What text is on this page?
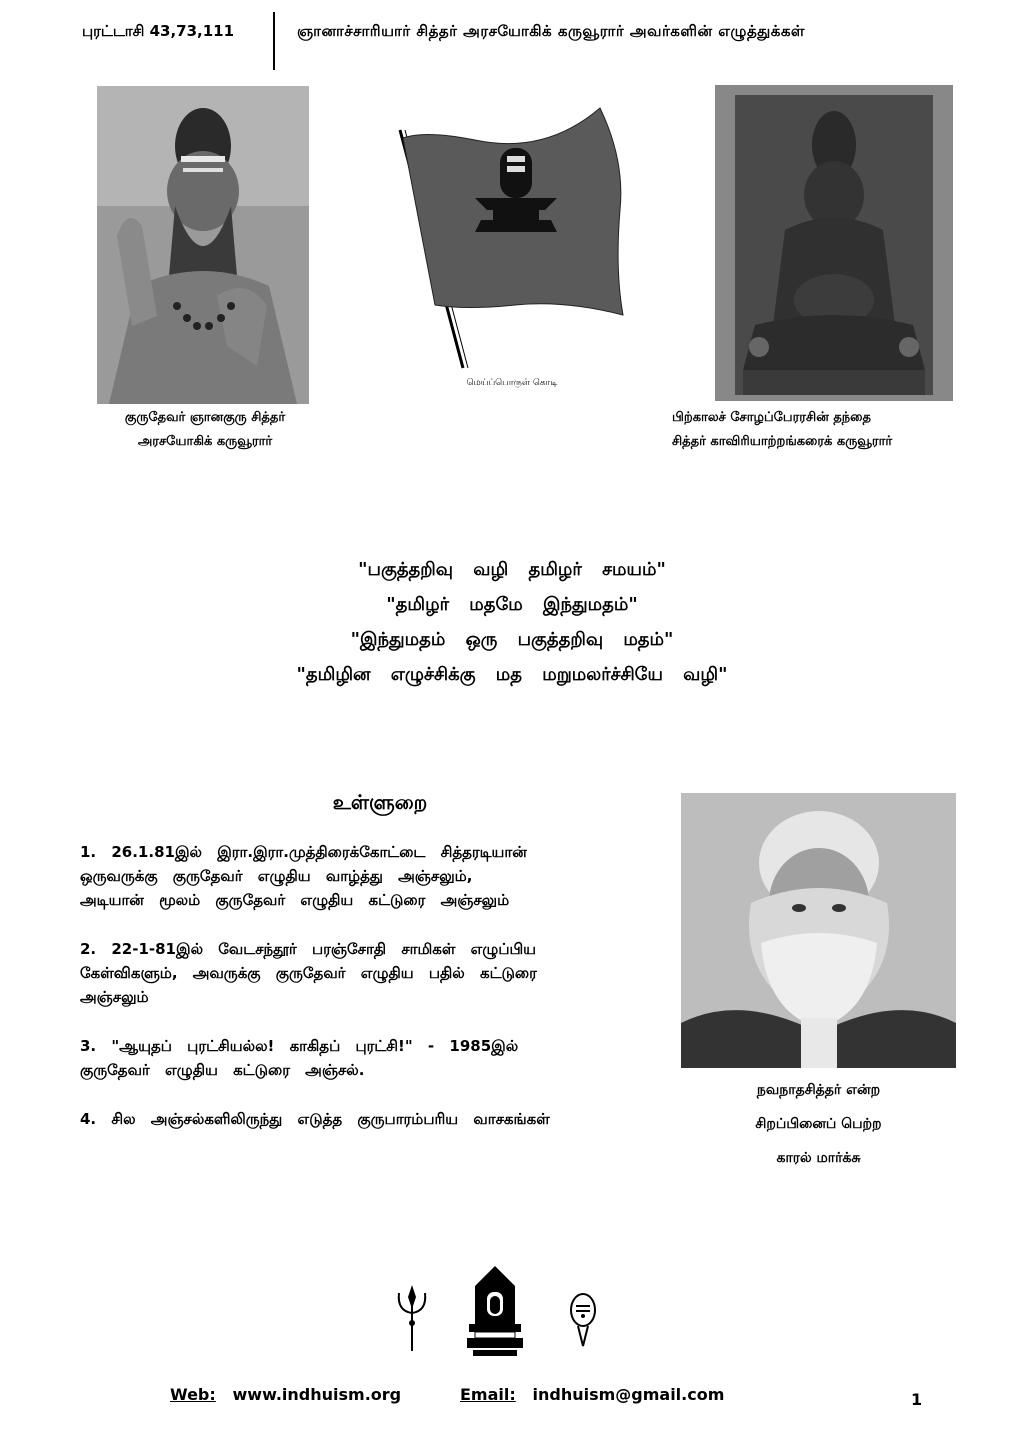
புரட்டாசி 43,73,111	ஞானாச்சாரியார் சித்தர் அரசயோகிக் கருவூரார் அவர்களின் எழுத்துக்கள்
மெய்ப்பொருள் கொடி
குருதேவர் ஞானகுரு சித்தர்
அரசயோகிக் கருவூரார்
பிற்காலச் சோழப்பேரரசின் தந்தை
சித்தர் காவிரியாற்றங்கரைக் கருவூரார்
"பகுத்தறிவு வழி தமிழர் சமயம்"
"தமிழர் மதமே இந்துமதம்"
"இந்துமதம் ஒரு பகுத்தறிவு மதம்"
"தமிழின எழுச்சிக்கு மத மறுமலர்ச்சியே வழி"
உள்ளுறை
1. 26.1.81இல் இரா.இரா.முத்திரைக்கோட்டை சித்தரடியான்
ஒருவருக்கு குருதேவர் எழுதிய வாழ்த்து அஞ்சலும்,
அடியான் மூலம் குருதேவர் எழுதிய கட்டுரை அஞ்சலும்
2. 22-1-81இல் வேடசந்தூர் பரஞ்சோதி சாமிகள் எழுப்பிய
கேள்விகளும், அவருக்கு குருதேவர் எழுதிய பதில் கட்டுரை
அஞ்சலும்
3. "ஆயுதப் புரட்சியல்ல! காகிதப் புரட்சி!" - 1985இல்
குருதேவர் எழுதிய கட்டுரை அஞ்சல்.
4. சில அஞ்சல்களிலிருந்து எடுத்த குருபாரம்பரிய வாசகங்கள்
நவநாதசித்தர் என்ற
சிறப்பினைப் பெற்ற
காரல் மார்க்சு
Web: www.indhuism.org	Email: indhuism@gmail.com	1
